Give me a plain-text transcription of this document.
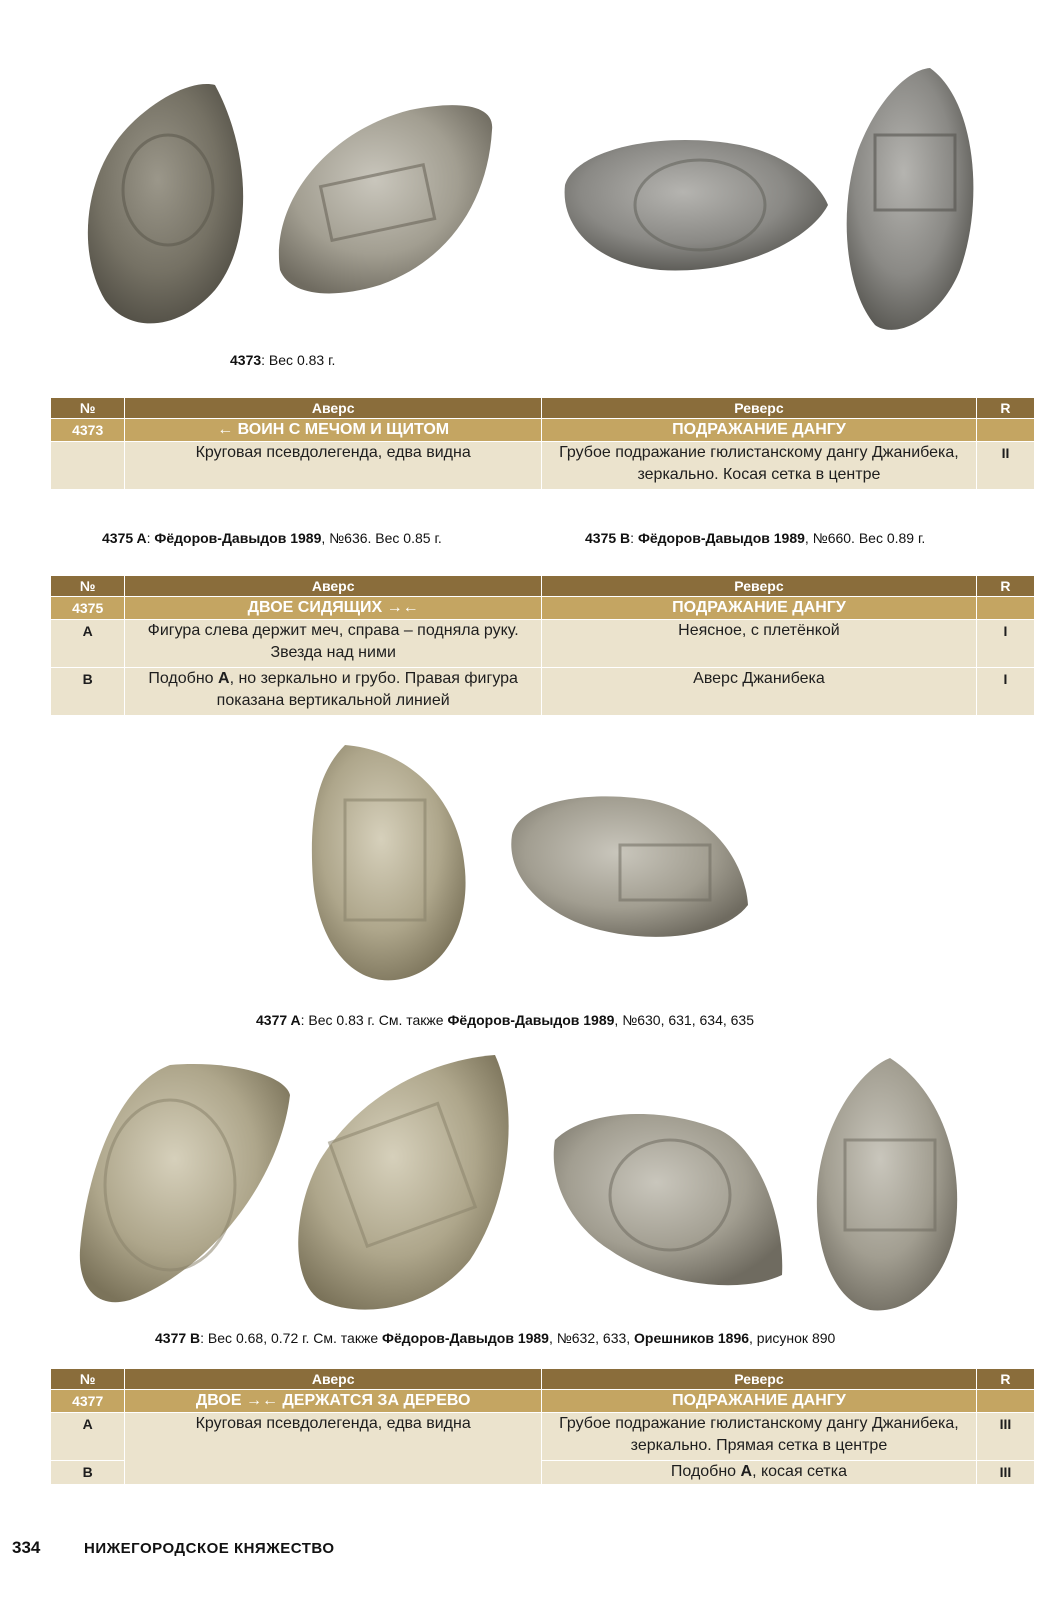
4373: Вес 0.83 г.
№	Аверс	Реверс	R
4373	← ВОИН С МЕЧОМ И ЩИТОМ	ПОДРАЖАНИЕ ДАНГУ	
	Круговая псевдолегенда, едва видна	Грубое подражание гюлистанскому дангу Джанибека, зеркально. Косая сетка в центре	II
4375 A: Фёдоров-Давыдов 1989, №636. Вес 0.85 г.	4375 B: Фёдоров-Давыдов 1989, №660. Вес 0.89 г.
№	Аверс	Реверс	R
4375	ДВОЕ СИДЯЩИХ →←	ПОДРАЖАНИЕ ДАНГУ	
A	Фигура слева держит меч, справа – подняла руку. Звезда над ними	Неясное, с плетёнкой	I
B	Подобно A, но зеркально и грубо. Правая фигура показана вертикальной линией	Аверс Джанибека	I
4377 A: Вес 0.83 г. См. также Фёдоров-Давыдов 1989, №630, 631, 634, 635
4377 B: Вес 0.68, 0.72 г. См. также Фёдоров-Давыдов 1989, №632, 633, Орешников 1896, рисунок 890
№	Аверс	Реверс	R
4377	ДВОЕ →← ДЕРЖАТСЯ ЗА ДЕРЕВО	ПОДРАЖАНИЕ ДАНГУ	
A	Круговая псевдолегенда, едва видна	Грубое подражание гюлистанскому дангу Джанибека, зеркально. Прямая сетка в центре	III
B		Подобно A, косая сетка	III
334	НИЖЕГОРОДСКОЕ КНЯЖЕСТВО
